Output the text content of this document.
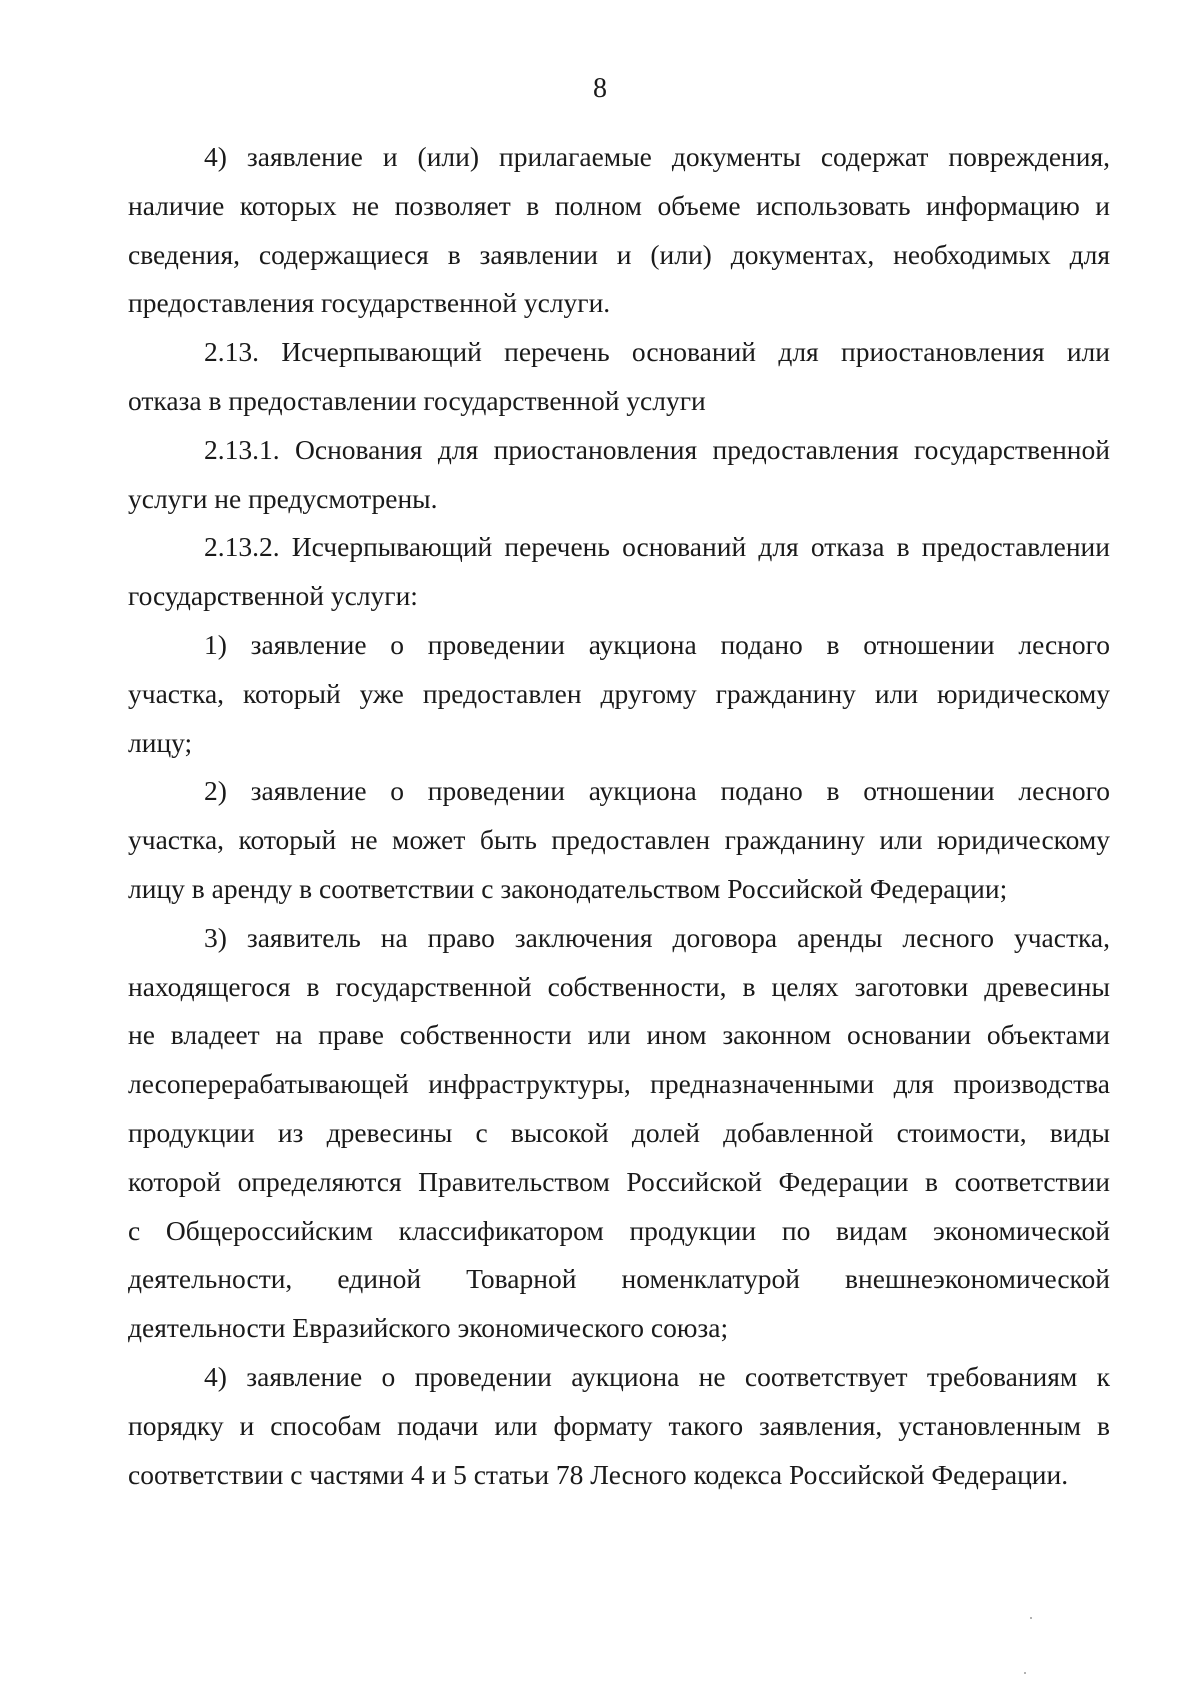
8
4) заявление и (или) прилагаемые документы содержат повреждения,
наличие которых не позволяет в полном объеме использовать информацию и
сведения, содержащиеся в заявлении и (или) документах, необходимых для
предоставления государственной услуги.
2.13. Исчерпывающий перечень оснований для приостановления или
отказа в предоставлении государственной услуги
2.13.1. Основания для приостановления предоставления государственной
услуги не предусмотрены.
2.13.2. Исчерпывающий перечень оснований для отказа в предоставлении
государственной услуги:
1) заявление о проведении аукциона подано в отношении лесного
участка, который уже предоставлен другому гражданину или юридическому
лицу;
2) заявление о проведении аукциона подано в отношении лесного
участка, который не может быть предоставлен гражданину или юридическому
лицу в аренду в соответствии с законодательством Российской Федерации;
3) заявитель на право заключения договора аренды лесного участка,
находящегося в государственной собственности, в целях заготовки древесины
не владеет на праве собственности или ином законном основании объектами
лесоперерабатывающей инфраструктуры, предназначенными для производства
продукции из древесины с высокой долей добавленной стоимости, виды
которой определяются Правительством Российской Федерации в соответствии
с Общероссийским классификатором продукции по видам экономической
деятельности, единой Товарной номенклатурой внешнеэкономической
деятельности Евразийского экономического союза;
4) заявление о проведении аукциона не соответствует требованиям к
порядку и способам подачи или формату такого заявления, установленным в
соответствии с частями 4 и 5 статьи 78 Лесного кодекса Российской Федерации.
